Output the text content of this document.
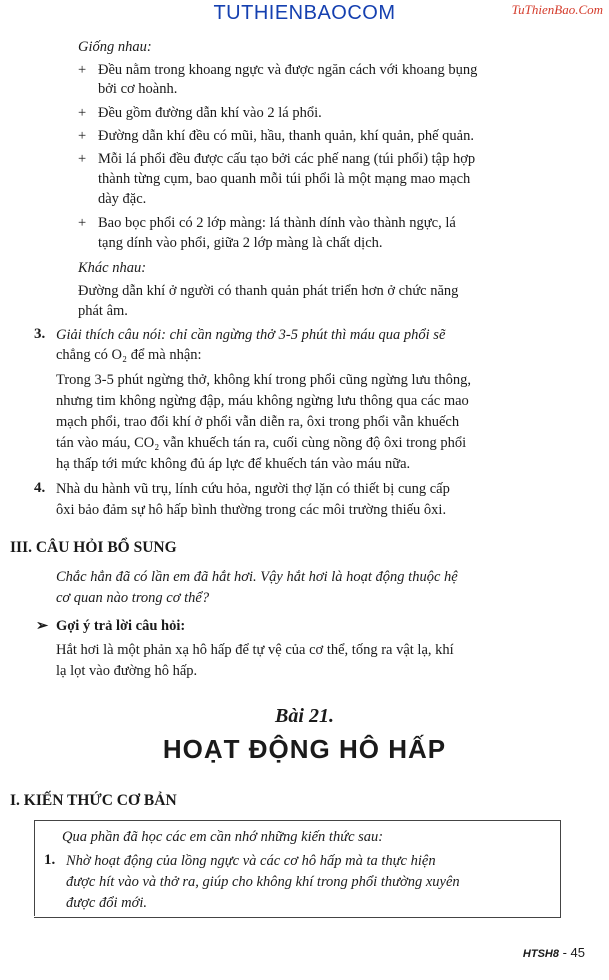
TUTHIENBAOCOM	TuThienBao.Com
Giống nhau:
+ Đều nằm trong khoang ngực và được ngăn cách với khoang bụng
bởi cơ hoành.
+ Đều gồm đường dẫn khí vào 2 lá phổi.
+ Đường dẫn khí đều có mũi, hầu, thanh quản, khí quản, phế quản.
+ Mỗi lá phổi đều được cấu tạo bởi các phế nang (túi phổi) tập hợp
thành từng cụm, bao quanh mỗi túi phổi là một mạng mao mạch
dày đặc.
+ Bao bọc phổi có 2 lớp màng: lá thành dính vào thành ngực, lá
tạng dính vào phổi, giữa 2 lớp màng là chất dịch.
Khác nhau:
Đường dẫn khí ở người có thanh quản phát triển hơn ở chức năng
phát âm.
3. Giải thích câu nói: chỉ cần ngừng thở 3-5 phút thì máu qua phổi sẽ
chẳng có O₂ để mà nhận:
Trong 3-5 phút ngừng thở, không khí trong phổi cũng ngừng lưu thông,
nhưng tim không ngừng đập, máu không ngừng lưu thông qua các mao
mạch phổi, trao đổi khí ở phổi vẫn diễn ra, ôxi trong phổi vẫn khuếch
tán vào máu, CO₂ vẫn khuếch tán ra, cuối cùng nồng độ ôxi trong phổi
hạ thấp tới mức không đủ áp lực để khuếch tán vào máu nữa.
4. Nhà du hành vũ trụ, lính cứu hỏa, người thợ lặn có thiết bị cung cấp
ôxi bảo đảm sự hô hấp bình thường trong các môi trường thiếu ôxi.
III. CÂU HỎI BỔ SUNG
Chắc hẳn đã có lần em đã hắt hơi. Vậy hắt hơi là hoạt động thuộc hệ
cơ quan nào trong cơ thể?
➢ Gợi ý trả lời câu hỏi:
Hắt hơi là một phản xạ hô hấp để tự vệ của cơ thể, tống ra vật lạ, khí
lạ lọt vào đường hô hấp.
Bài 21.
HOẠT ĐỘNG HÔ HẤP
I. KIẾN THỨC CƠ BẢN
Qua phần đã học các em cần nhớ những kiến thức sau:
1. Nhờ hoạt động của lồng ngực và các cơ hô hấp mà ta thực hiện
được hít vào và thở ra, giúp cho không khí trong phổi thường xuyên
được đổi mới.
HTSH8 - 45
